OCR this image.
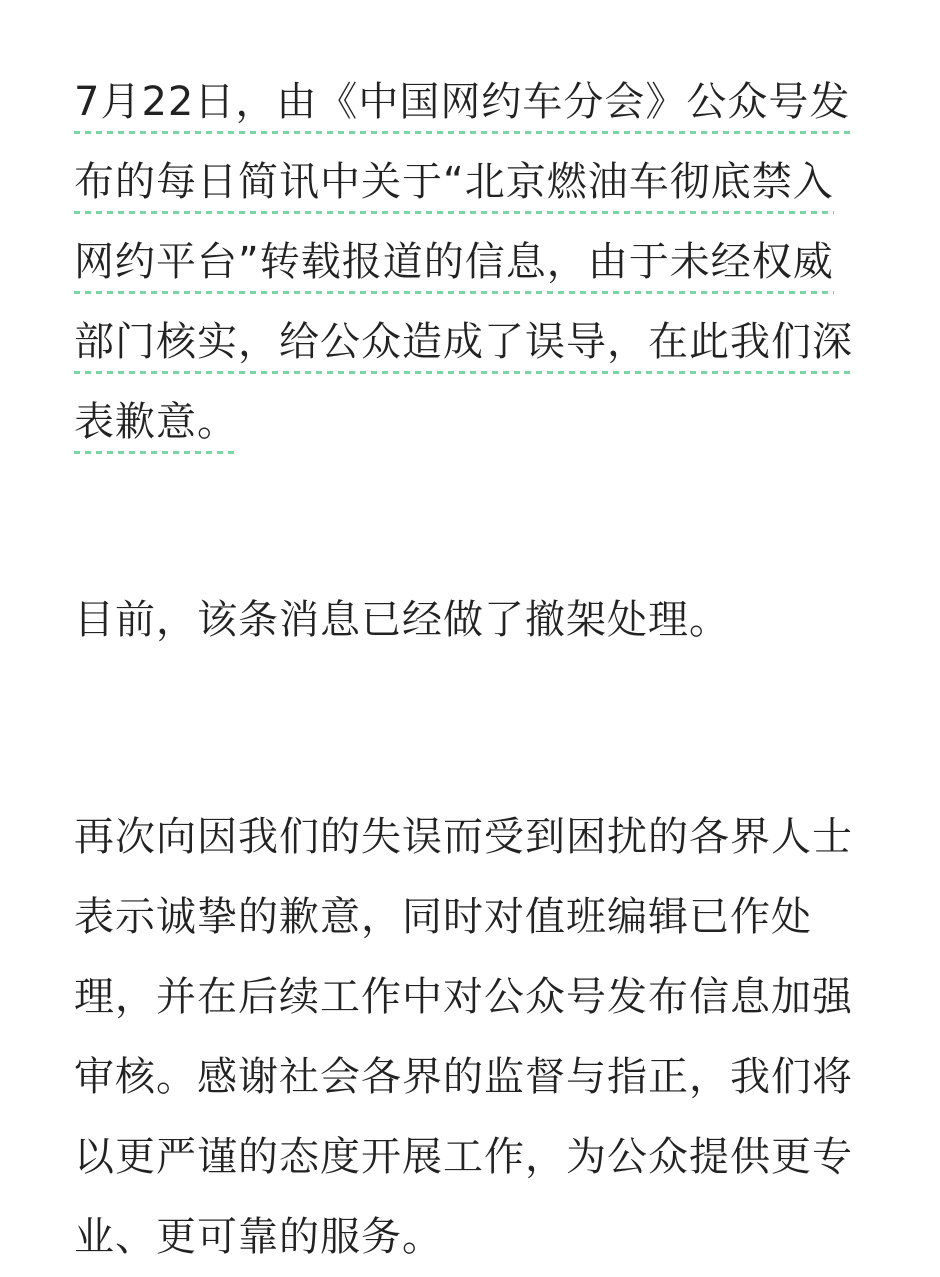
7月22日，由《中国网约车分会》公众号发
布的每日简讯中关于“北京燃油车彻底禁入
网约平台”转载报道的信息，由于未经权威
部门核实，给公众造成了误导，在此我们深
表歉意。
目前，该条消息已经做了撤架处理。
再次向因我们的失误而受到困扰的各界人士
表示诚挚的歉意，同时对值班编辑已作处
理，并在后续工作中对公众号发布信息加强
审核。感谢社会各界的监督与指正，我们将
以更严谨的态度开展工作，为公众提供更专
业、更可靠的服务。
